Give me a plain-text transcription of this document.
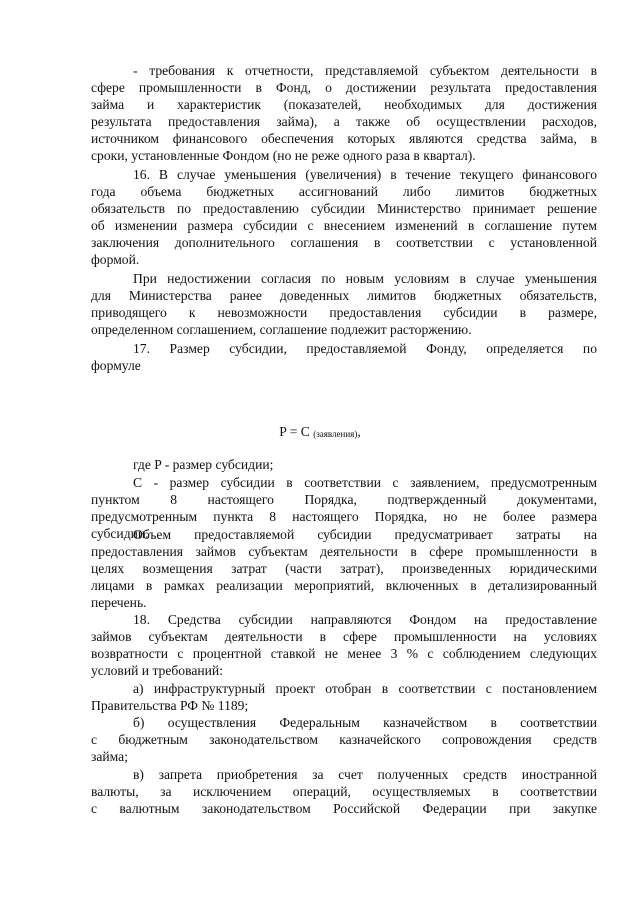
- требования к отчетности, представляемой субъектом деятельности в

сфере промышленности в Фонд, о достижении результата предоставления

займа и характеристик (показателей, необходимых для достижения

результата предоставления займа), а также об осуществлении расходов,

источником финансового обеспечения которых являются средства займа, в

сроки, установленные Фондом (но не реже одного раза в квартал).

16. В случае уменьшения (увеличения) в течение текущего финансового

года объема бюджетных ассигнований либо лимитов бюджетных

обязательств по предоставлению субсидии Министерство принимает решение

об изменении размера субсидии с внесением изменений в соглашение путем

заключения дополнительного соглашения в соответствии с установленной

формой.

При недостижении согласия по новым условиям в случае уменьшения

для Министерства ранее доведенных лимитов бюджетных обязательств,

приводящего к невозможности предоставления субсидии в размере,

определенном соглашением, соглашение подлежит расторжению.

17. Размер субсидии, предоставляемой Фонду, определяется по

формуле

P = C (заявления),

где P - размер субсидии;

C - размер субсидии в соответствии с заявлением, предусмотренным

пунктом 8 настоящего Порядка, подтвержденный документами,

предусмотренным пункта 8 настоящего Порядка, но не более размера

субсидии.

Объем предоставляемой субсидии предусматривает затраты на

предоставления займов субъектам деятельности в сфере промышленности в

целях возмещения затрат (части затрат), произведенных юридическими

лицами в рамках реализации мероприятий, включенных в детализированный

перечень.

18. Средства субсидии направляются Фондом на предоставление

займов субъектам деятельности в сфере промышленности на условиях

возвратности с процентной ставкой не менее 3 % с соблюдением следующих

условий и требований:

а) инфраструктурный проект отобран в соответствии с постановлением

Правительства РФ № 1189;

б) осуществления Федеральным казначейством в соответствии

с бюджетным законодательством казначейского сопровождения средств

займа;

в) запрета приобретения за счет полученных средств иностранной

валюты, за исключением операций, осуществляемых в соответствии

с валютным законодательством Российской Федерации при закупке
